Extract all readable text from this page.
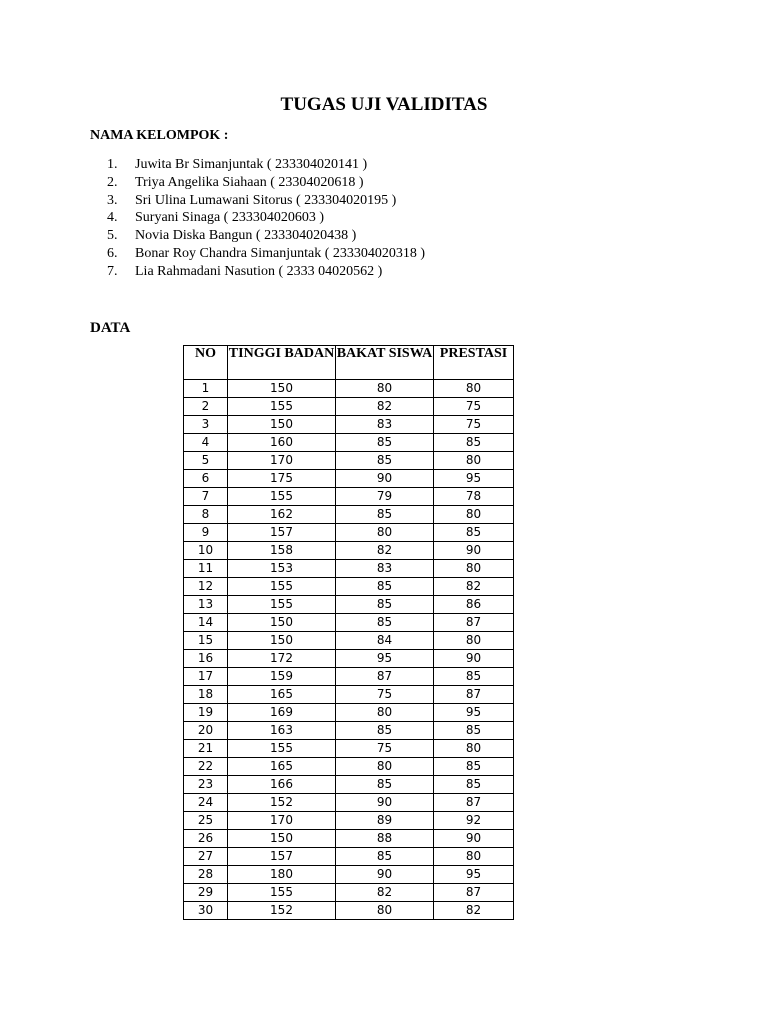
TUGAS UJI VALIDITAS

NAMA KELOMPOK :

1. Juwita Br Simanjuntak ( 233304020141 )
2. Triya Angelika Siahaan ( 23304020618 )
3. Sri Ulina Lumawani Sitorus ( 233304020195 )
4. Suryani Sinaga ( 233304020603 )
5. Novia Diska Bangun ( 233304020438 )
6. Bonar Roy Chandra Simanjuntak ( 233304020318 )
7. Lia Rahmadani Nasution ( 2333 04020562 )

DATA

NO	TINGGI BADAN	BAKAT SISWA	PRESTASI
1	150	80	80
2	155	82	75
3	150	83	75
4	160	85	85
5	170	85	80
6	175	90	95
7	155	79	78
8	162	85	80
9	157	80	85
10	158	82	90
11	153	83	80
12	155	85	82
13	155	85	86
14	150	85	87
15	150	84	80
16	172	95	90
17	159	87	85
18	165	75	87
19	169	80	95
20	163	85	85
21	155	75	80
22	165	80	85
23	166	85	85
24	152	90	87
25	170	89	92
26	150	88	90
27	157	85	80
28	180	90	95
29	155	82	87
30	152	80	82
